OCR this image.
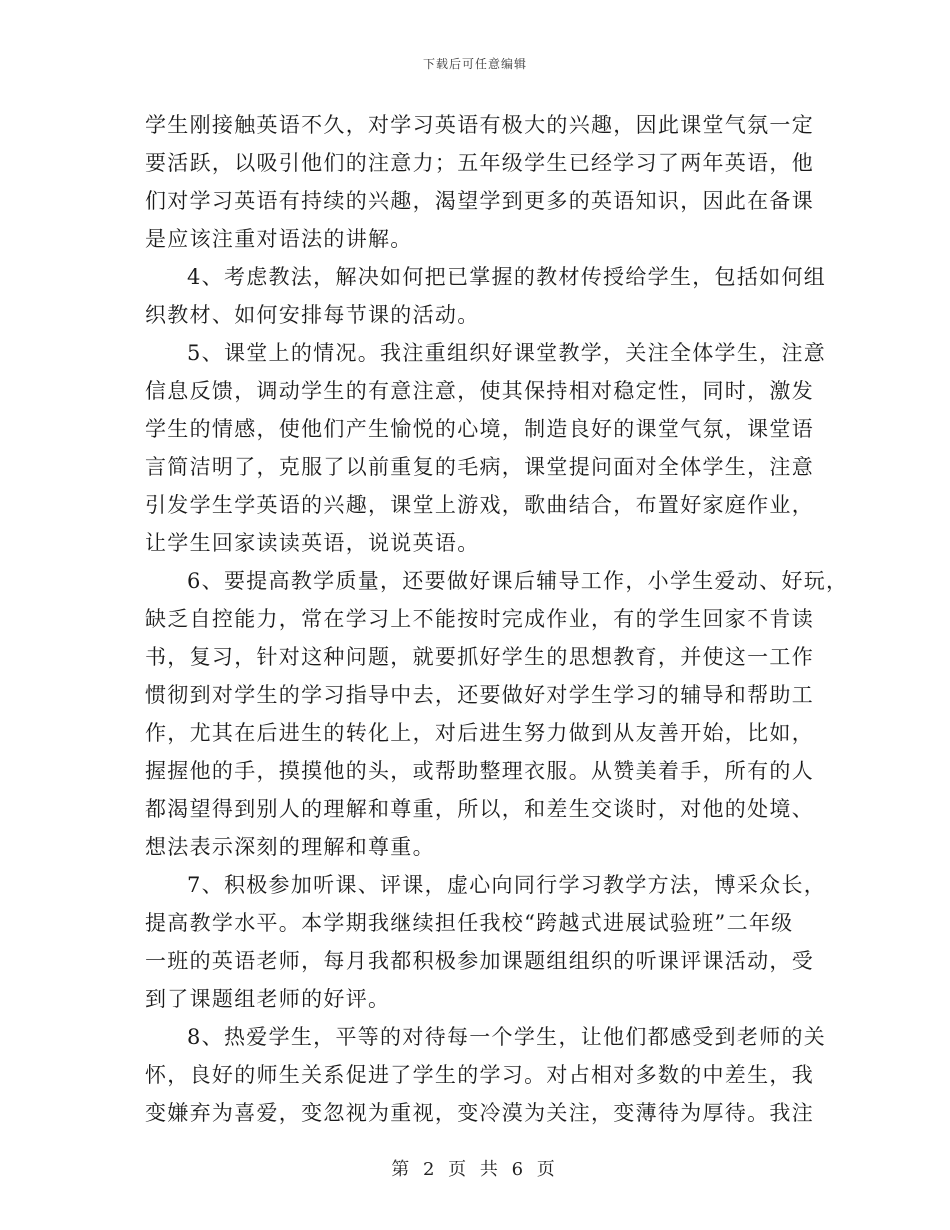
下载后可任意编辑
学生刚接触英语不久，对学习英语有极大的兴趣，因此课堂气氛一定
要活跃，以吸引他们的注意力；五年级学生已经学习了两年英语，他
们对学习英语有持续的兴趣，渴望学到更多的英语知识，因此在备课
是应该注重对语法的讲解。
4、考虑教法，解决如何把已掌握的教材传授给学生，包括如何组
织教材、如何安排每节课的活动。
5、课堂上的情况。我注重组织好课堂教学，关注全体学生，注意
信息反馈，调动学生的有意注意，使其保持相对稳定性，同时，激发
学生的情感，使他们产生愉悦的心境，制造良好的课堂气氛，课堂语
言简洁明了，克服了以前重复的毛病，课堂提问面对全体学生，注意
引发学生学英语的兴趣，课堂上游戏，歌曲结合，布置好家庭作业，
让学生回家读读英语，说说英语。
6、要提高教学质量，还要做好课后辅导工作，小学生爱动、好玩，
缺乏自控能力，常在学习上不能按时完成作业，有的学生回家不肯读
书，复习，针对这种问题，就要抓好学生的思想教育，并使这一工作
惯彻到对学生的学习指导中去，还要做好对学生学习的辅导和帮助工
作，尤其在后进生的转化上，对后进生努力做到从友善开始，比如，
握握他的手，摸摸他的头，或帮助整理衣服。从赞美着手，所有的人
都渴望得到别人的理解和尊重，所以，和差生交谈时，对他的处境、
想法表示深刻的理解和尊重。
7、积极参加听课、评课，虚心向同行学习教学方法，博采众长，
提高教学水平。本学期我继续担任我校“跨越式进展试验班”二年级
一班的英语老师，每月我都积极参加课题组组织的听课评课活动，受
到了课题组老师的好评。
8、热爱学生，平等的对待每一个学生，让他们都感受到老师的关
怀，良好的师生关系促进了学生的学习。对占相对多数的中差生，我
变嫌弃为喜爱，变忽视为重视，变冷漠为关注，变薄待为厚待。我注
第 2 页 共 6 页
